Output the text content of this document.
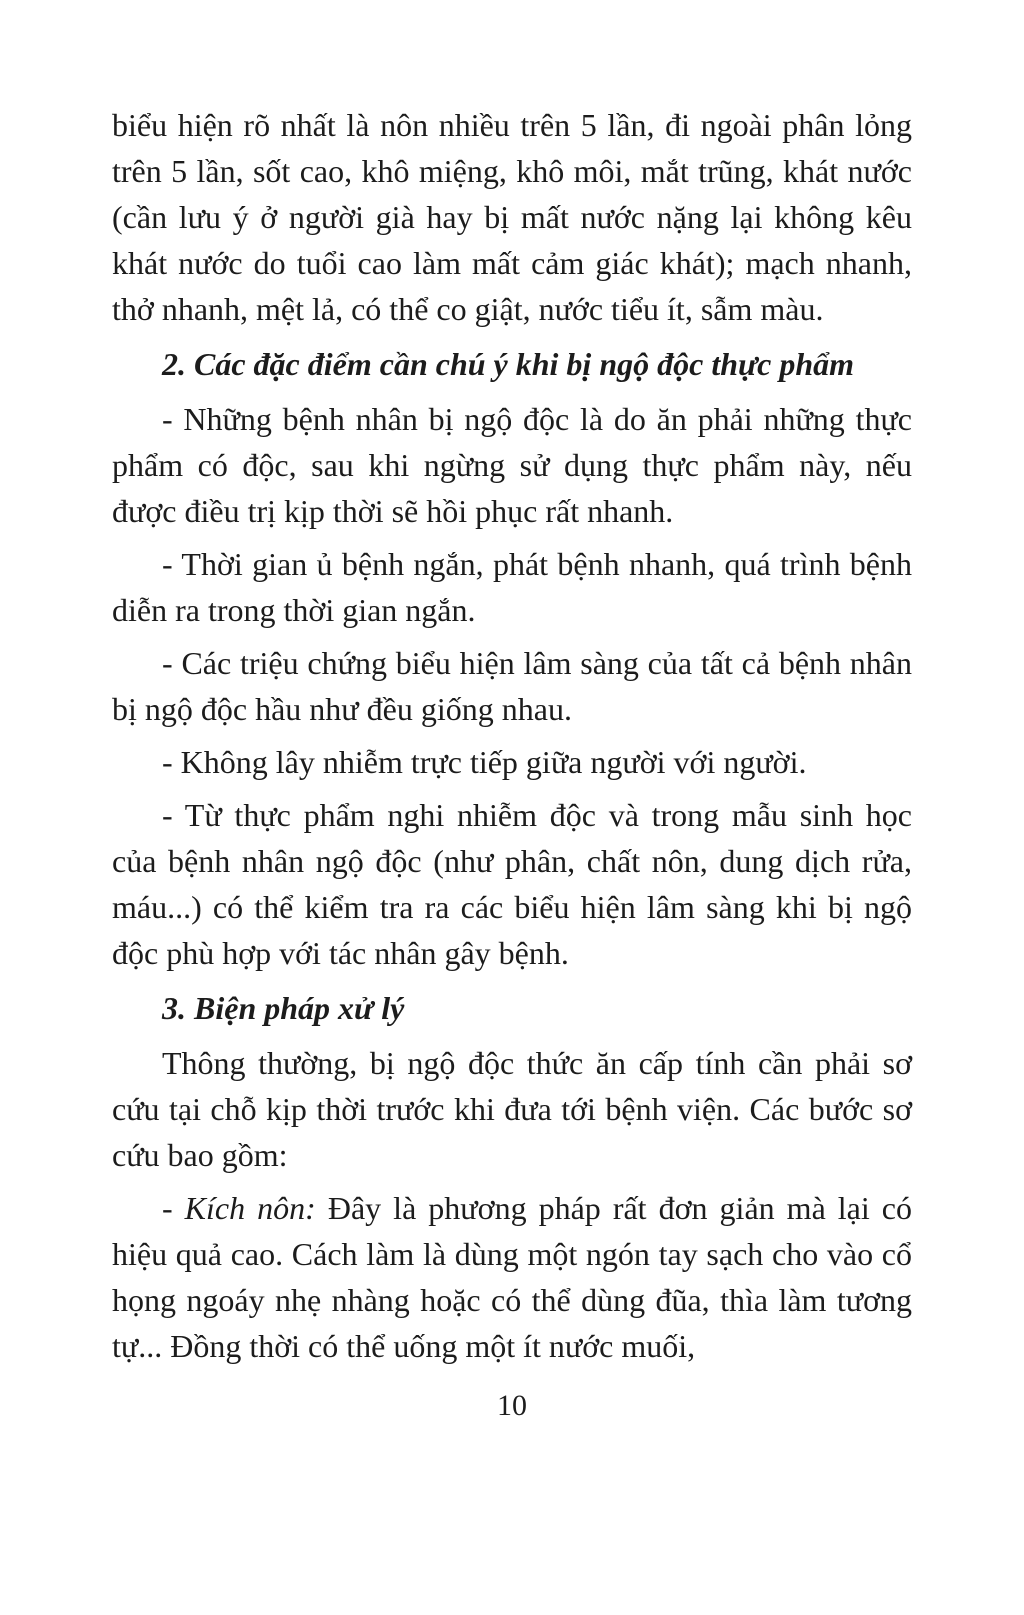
biểu hiện rõ nhất là nôn nhiều trên 5 lần, đi ngoài phân lỏng trên 5 lần, sốt cao, khô miệng, khô môi, mắt trũng, khát nước (cần lưu ý ở người già hay bị mất nước nặng lại không kêu khát nước do tuổi cao làm mất cảm giác khát); mạch nhanh, thở nhanh, mệt lả, có thể co giật, nước tiểu ít, sẫm màu.

2. Các đặc điểm cần chú ý khi bị ngộ độc thực phẩm

- Những bệnh nhân bị ngộ độc là do ăn phải những thực phẩm có độc, sau khi ngừng sử dụng thực phẩm này, nếu được điều trị kịp thời sẽ hồi phục rất nhanh.

- Thời gian ủ bệnh ngắn, phát bệnh nhanh, quá trình bệnh diễn ra trong thời gian ngắn.

- Các triệu chứng biểu hiện lâm sàng của tất cả bệnh nhân bị ngộ độc hầu như đều giống nhau.

- Không lây nhiễm trực tiếp giữa người với người.

- Từ thực phẩm nghi nhiễm độc và trong mẫu sinh học của bệnh nhân ngộ độc (như phân, chất nôn, dung dịch rửa, máu...) có thể kiểm tra ra các biểu hiện lâm sàng khi bị ngộ độc phù hợp với tác nhân gây bệnh.

3. Biện pháp xử lý

Thông thường, bị ngộ độc thức ăn cấp tính cần phải sơ cứu tại chỗ kịp thời trước khi đưa tới bệnh viện. Các bước sơ cứu bao gồm:

- Kích nôn: Đây là phương pháp rất đơn giản mà lại có hiệu quả cao. Cách làm là dùng một ngón tay sạch cho vào cổ họng ngoáy nhẹ nhàng hoặc có thể dùng đũa, thìa làm tương tự... Đồng thời có thể uống một ít nước muối,

10
